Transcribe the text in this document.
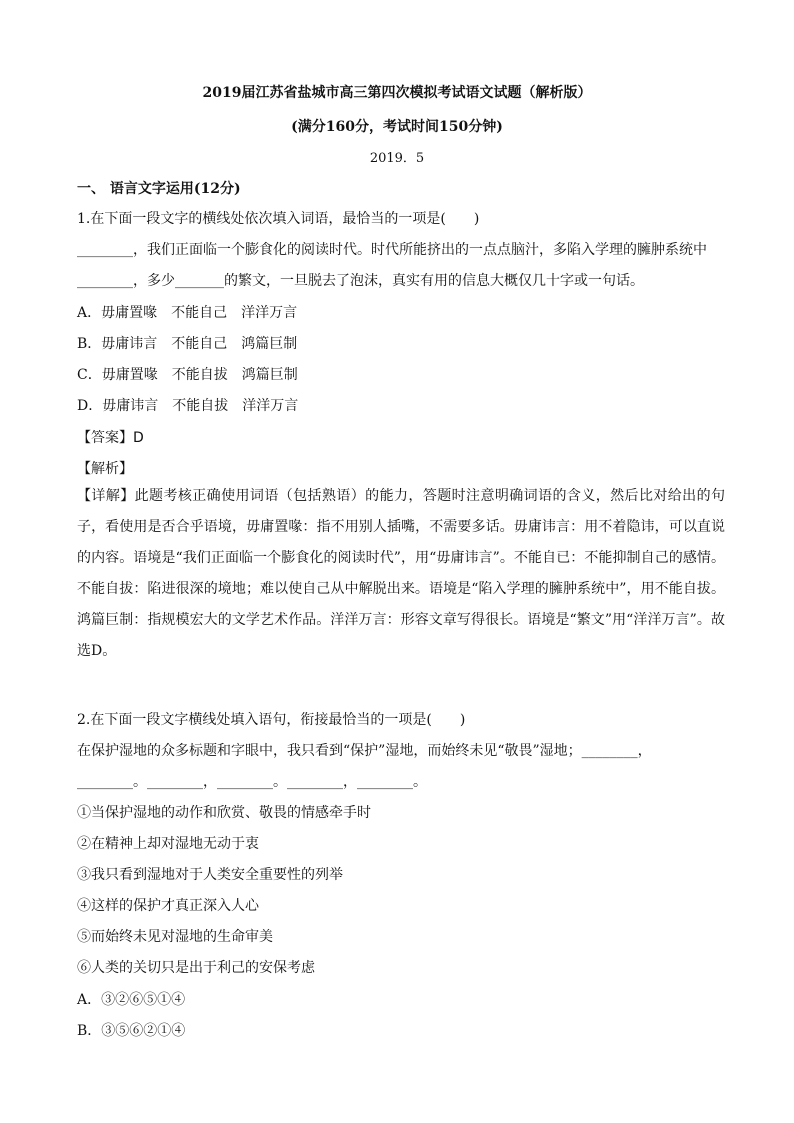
2019届江苏省盐城市高三第四次模拟考试语文试题（解析版）
(满分160分，考试时间150分钟)
2019．5
一、 语言文字运用(12分)
1.在下面一段文字的横线处依次填入词语，最恰当的一项是(　　)
________，我们正面临一个膨食化的阅读时代。时代所能挤出的一点点脑汁，多陷入学理的臃肿系统中
________，多少_______的繁文，一旦脱去了泡沫，真实有用的信息大概仅几十字或一句话。
A．毋庸置喙　不能自己　洋洋万言
B．毋庸讳言　不能自己　鸿篇巨制
C．毋庸置喙　不能自拔　鸿篇巨制
D．毋庸讳言　不能自拔　洋洋万言
【答案】D
【解析】
【详解】此题考核正确使用词语（包括熟语）的能力，答题时注意明确词语的含义，然后比对给出的句子，看使用是否合乎语境，毋庸置喙：指不用别人插嘴，不需要多话。毋庸讳言：用不着隐讳，可以直说的内容。语境是“我们正面临一个膨食化的阅读时代”，用“毋庸讳言”。不能自已：不能抑制自己的感情。不能自拔：陷进很深的境地；难以使自己从中解脱出来。语境是“陷入学理的臃肿系统中”，用不能自拔。鸿篇巨制：指规模宏大的文学艺术作品。洋洋万言：形容文章写得很长。语境是“繁文”用“洋洋万言”。故选D。
2.在下面一段文字横线处填入语句，衔接最恰当的一项是(　　)
在保护湿地的众多标题和字眼中，我只看到“保护”湿地，而始终未见“敬畏”湿地；________，
________。________，________。________，________。
①当保护湿地的动作和欣赏、敬畏的情感牵手时
②在精神上却对湿地无动于衷
③我只看到湿地对于人类安全重要性的列举
④这样的保护才真正深入人心
⑤而始终未见对湿地的生命审美
⑥人类的关切只是出于利己的安保考虑
A．③②⑥⑤①④
B．③⑤⑥②①④
